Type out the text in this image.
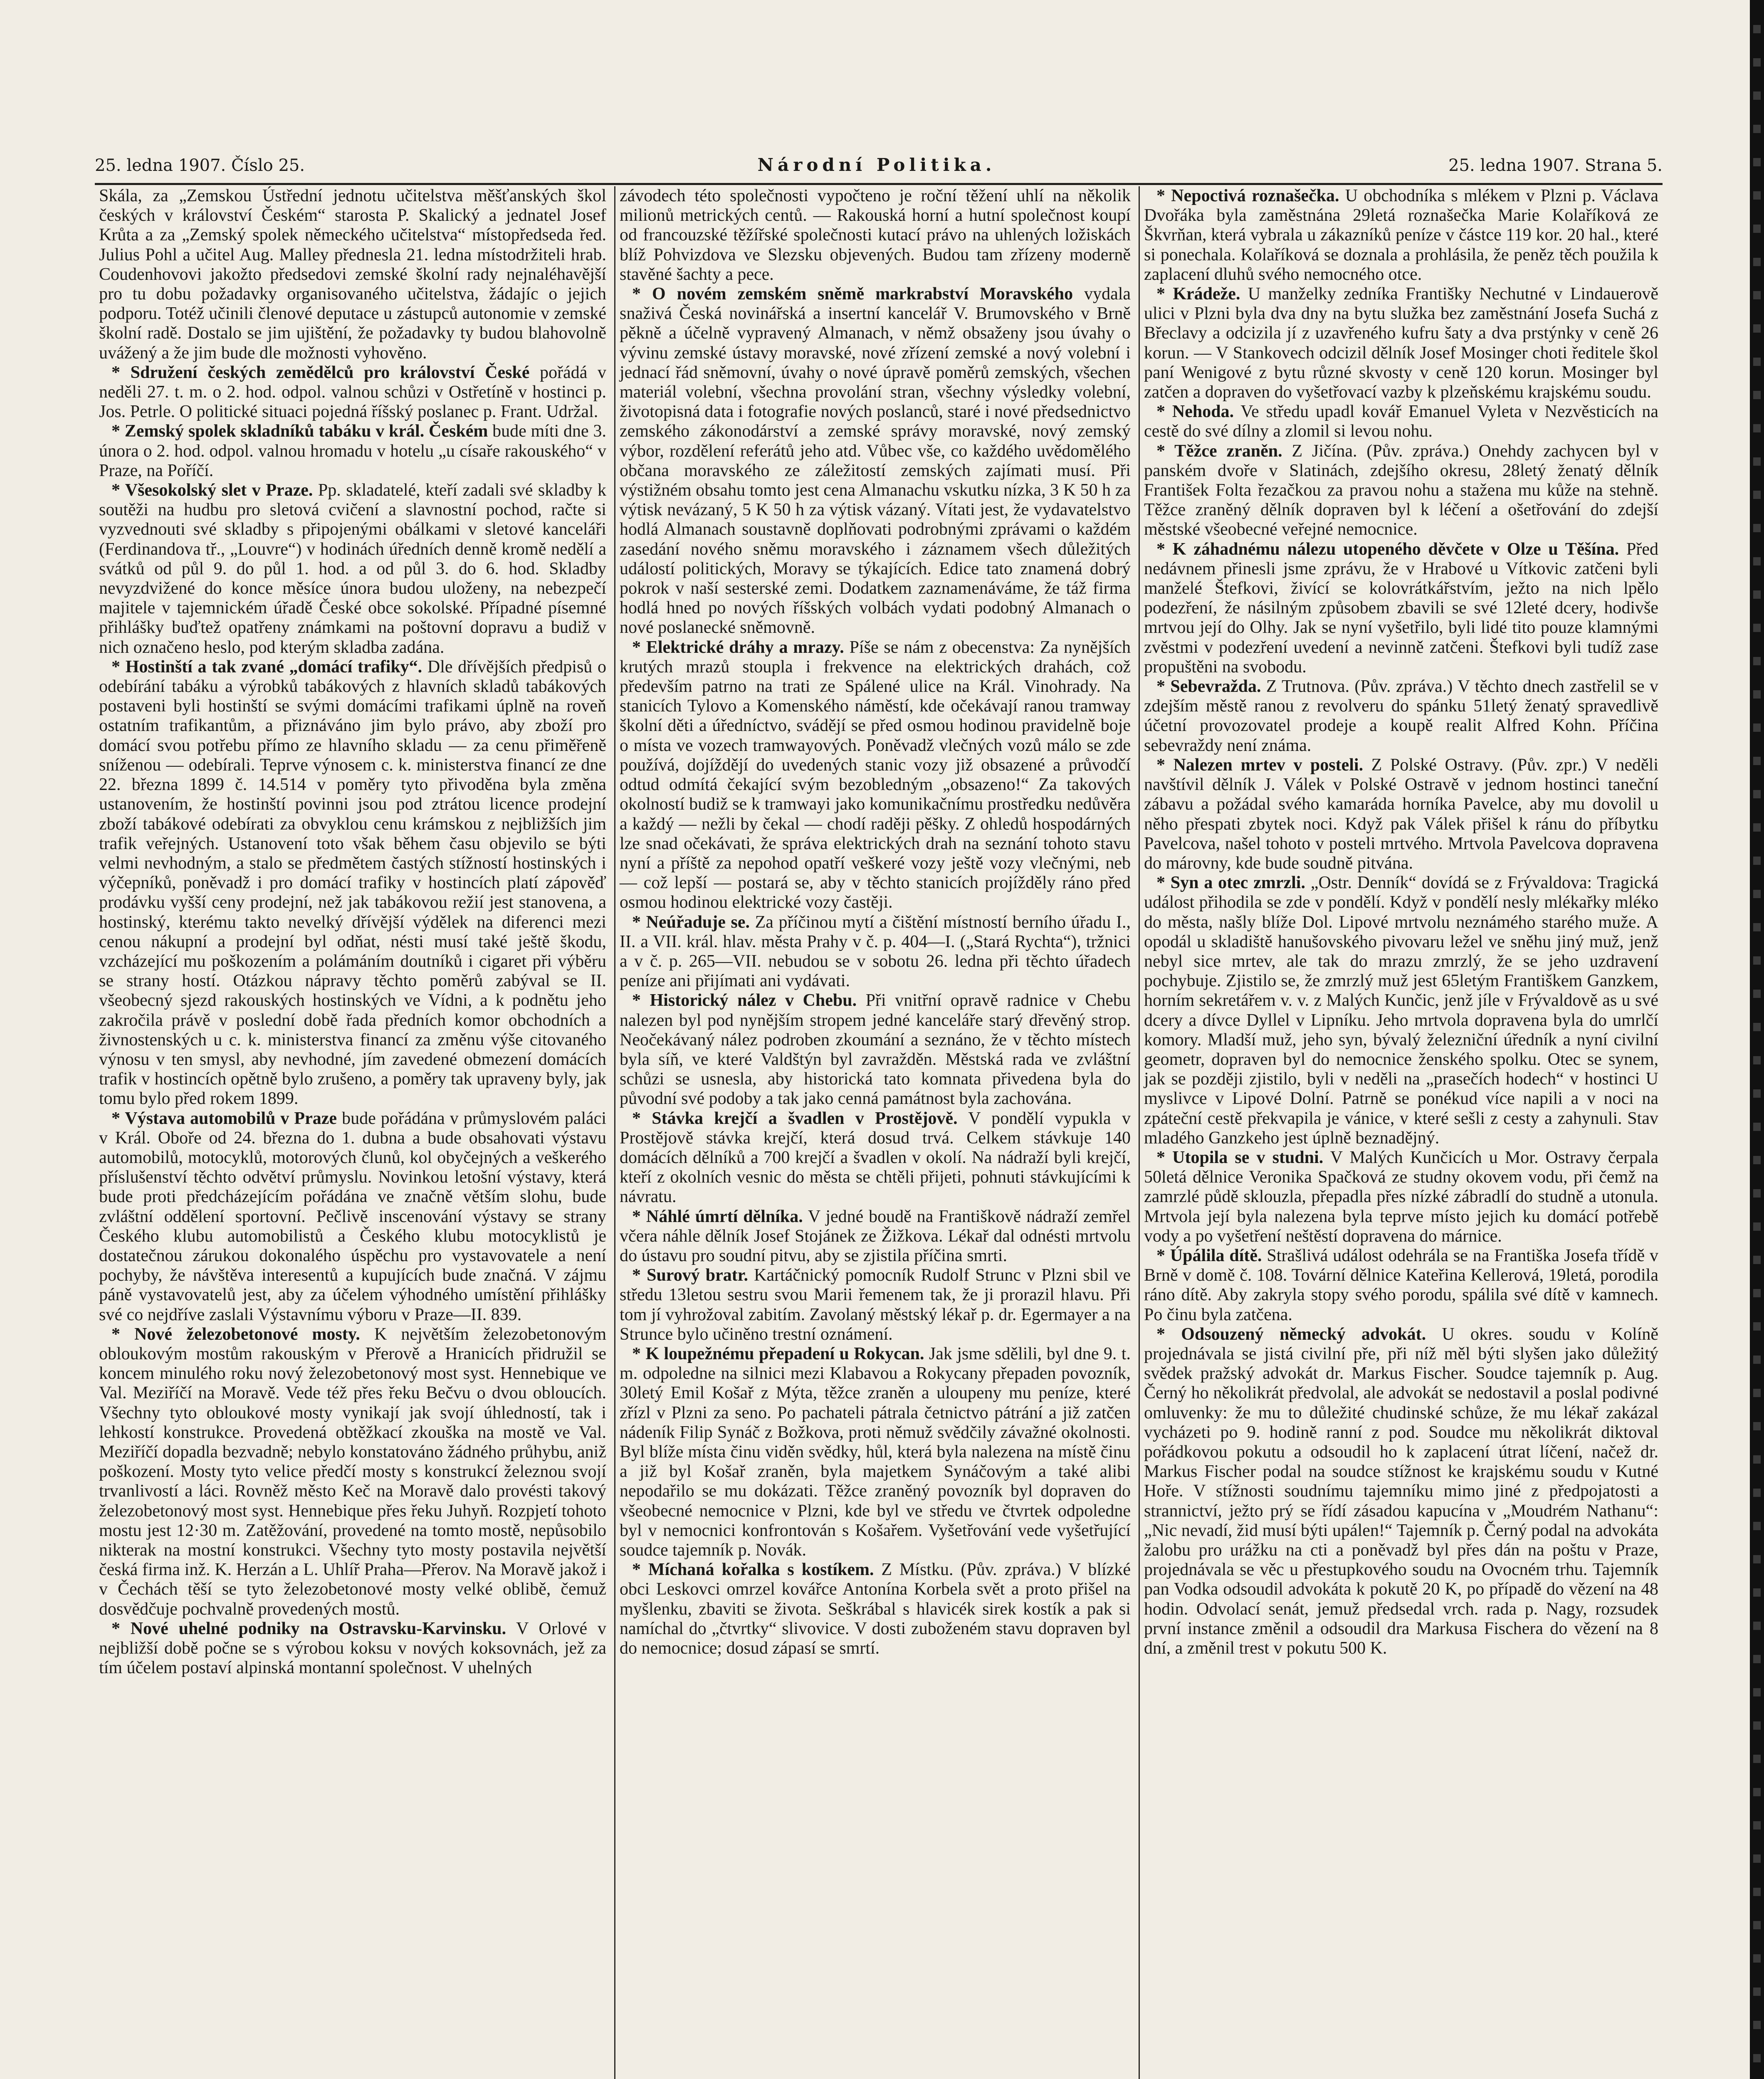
25. ledna 1907. Číslo 25.	Národní Politika.	25. ledna 1907. Strana 5.

Skála, za „Zemskou Ústřední jednotu učitelstva měšťanských škol českých v království Českém“ starosta P. Skalický a jednatel Josef Krůta a za „Zemský spolek německého učitelstva“ místopředseda řed. Julius Pohl a učitel Aug. Malley přednesla 21. ledna místodržiteli hrab. Coudenhovovi jakožto předsedovi zemské školní rady nejnaléhavější pro tu dobu požadavky organisovaného učitelstva, žádajíc o jejich podporu. Totéž učinili členové deputace u zástupců autonomie v zemské školní radě. Dostalo se jim ujištění, že požadavky ty budou blahovolně uvážený a že jim bude dle možnosti vyhověno.

* Sdružení českých zemědělců pro království České pořádá v neděli 27. t. m. o 2. hod. odpol. valnou schůzi v Ostřetíně v hostinci p. Jos. Petrle. O politické situaci pojedná říšský poslanec p. Frant. Udržal.

* Zemský spolek skladníků tabáku v král. Českém bude míti dne 3. února o 2. hod. odpol. valnou hromadu v hotelu „u císaře rakouského“ v Praze, na Poříčí.

* Všesokolský slet v Praze. Pp. skladatelé, kteří zadali své skladby k soutěži na hudbu pro sletová cvičení a slavnostní pochod, račte si vyzvednouti své skladby s připojenými obálkami v sletové kanceláři (Ferdinandova tř., „Louvre“) v hodinách úředních denně kromě nedělí a svátků od půl 9. do půl 1. hod. a od půl 3. do 6. hod. Skladby nevyzdvižené do konce měsíce února budou uloženy, na nebezpečí majitele v tajemnickém úřadě České obce sokolské. Případné písemné přihlášky buďtež opatřeny známkami na poštovní dopravu a budiž v nich označeno heslo, pod kterým skladba zadána.

* Hostinští a tak zvané „domácí trafiky“. Dle dřívějších předpisů o odebírání tabáku a výrobků tabákových z hlavních skladů tabákových postaveni byli hostinští se svými domácími trafikami úplně na roveň ostatním trafikantům, a přiznáváno jim bylo právo, aby zboží pro domácí svou potřebu přímo ze hlavního skladu — za cenu přiměřeně sníženou — odebírali. Teprve výnosem c. k. ministerstva financí ze dne 22. března 1899 č. 14.514 v poměry tyto přivoděna byla změna ustanovením, že hostinští povinni jsou pod ztrátou licence prodejní zboží tabákové odebírati za obvyklou cenu krámskou z nejbližších jim trafik veřejných. Ustanovení toto však během času objevilo se býti velmi nevhodným, a stalo se předmětem častých stížností hostinských i výčepníků, poněvadž i pro domácí trafiky v hostincích platí zápověď prodávku vyšší ceny prodejní, než jak tabákovou režií jest stanovena, a hostinský, kterému takto nevelký dřívější výdělek na diferenci mezi cenou nákupní a prodejní byl odňat, nésti musí také ještě škodu, vzcházející mu poškozením a polámáním doutníků i cigaret při výběru se strany hostí. Otázkou nápravy těchto poměrů zabýval se II. všeobecný sjezd rakouských hostinských ve Vídni, a k podnětu jeho zakročila právě v poslední době řada předních komor obchodních a živnostenských u c. k. ministerstva financí za změnu výše citovaného výnosu v ten smysl, aby nevhodné, jím zavedené obmezení domácích trafik v hostincích opětně bylo zrušeno, a poměry tak upraveny byly, jak tomu bylo před rokem 1899.

* Výstava automobilů v Praze bude pořádána v průmyslovém paláci v Král. Oboře od 24. března do 1. dubna a bude obsahovati výstavu automobilů, motocyklů, motorových člunů, kol obyčejných a veškerého příslušenství těchto odvětví průmyslu. Novinkou letošní výstavy, která bude proti předcházejícím pořádána ve značně větším slohu, bude zvláštní oddělení sportovní. Pečlivě inscenování výstavy se strany Českého klubu automobilistů a Českého klubu motocyklistů je dostatečnou zárukou dokonalého úspěchu pro vystavovatele a není pochyby, že návštěva interesentů a kupujících bude značná. V zájmu páně vystavovatelů jest, aby za účelem výhodného umístění přihlášky své co nejdříve zaslali Výstavnímu výboru v Praze—II. 839.

* Nové železobetonové mosty. K největším železobetonovým obloukovým mostům rakouským v Přerově a Hranicích přidružil se koncem minulého roku nový železobetonový most syst. Hennebique ve Val. Meziříčí na Moravě. Vede též přes řeku Bečvu o dvou obloucích. Všechny tyto obloukové mosty vynikají jak svojí úhledností, tak i lehkostí konstrukce. Provedená obtěžkací zkouška na mostě ve Val. Meziříčí dopadla bezvadně; nebylo konstatováno žádného průhybu, aniž poškození. Mosty tyto velice předčí mosty s konstrukcí železnou svojí trvanlivostí a láci. Rovněž město Keč na Moravě dalo provésti takový železobetonový most syst. Hennebique přes řeku Juhyň. Rozpjetí tohoto mostu jest 12·30 m. Zatěžování, provedené na tomto mostě, nepůsobilo nikterak na mostní konstrukci. Všechny tyto mosty postavila největší česká firma inž. K. Herzán a L. Uhlíř Praha—Přerov. Na Moravě jakož i v Čechách těší se tyto železobetonové mosty velké oblibě, čemuž dosvědčuje pochvalně provedených mostů.

* Nové uhelné podniky na Ostravsku-Karvinsku. V Orlové v nejbližší době počne se s výrobou koksu v nových koksovnách, jež za tím účelem postaví alpinská montanní společnost. V uhelných

závodech této společnosti vypočteno je roční těžení uhlí na několik milionů metrických centů. — Rakouská horní a hutní společnost koupí od francouzské těžířské společnosti kutací právo na uhlených ložiskách blíž Pohvizdova ve Slezsku objevených. Budou tam zřízeny moderně stavěné šachty a pece.

* O novém zemském sněmě markrabství Moravského vydala snaživá Česká novinářská a insertní kancelář V. Brumovského v Brně pěkně a účelně vypravený Almanach, v němž obsaženy jsou úvahy o vývinu zemské ústavy moravské, nové zřízení zemské a nový volební i jednací řád sněmovní, úvahy o nové úpravě poměrů zemských, všechen materiál volební, všechna provolání stran, všechny výsledky volební, životopisná data i fotografie nových poslanců, staré i nové předsednictvo zemského zákonodárství a zemské správy moravské, nový zemský výbor, rozdělení referátů jeho atd. Vůbec vše, co každého uvědomělého občana moravského ze záležitostí zemských zajímati musí. Při výstižném obsahu tomto jest cena Almanachu vskutku nízka, 3 K 50 h za výtisk nevázaný, 5 K 50 h za výtisk vázaný. Vítati jest, že vydavatelstvo hodlá Almanach soustavně doplňovati podrobnými zprávami o každém zasedání nového sněmu moravského i záznamem všech důležitých událostí politických, Moravy se týkajících. Edice tato znamená dobrý pokrok v naší sesterské zemi. Dodatkem zaznamenáváme, že táž firma hodlá hned po nových říšských volbách vydati podobný Almanach o nové poslanecké sněmovně.

* Elektrické dráhy a mrazy. Píše se nám z obecenstva: Za nynějších krutých mrazů stoupla i frekvence na elektrických drahách, což především patrno na trati ze Spálené ulice na Král. Vinohrady. Na stanicích Tylovo a Komenského náměstí, kde očekávají ranou tramway školní děti a úředníctvo, svádějí se před osmou hodinou pravidelně boje o místa ve vozech tramwayových. Poněvadž vlečných vozů málo se zde používá, dojíždějí do uvedených stanic vozy již obsazené a průvodčí odtud odmítá čekající svým bezobledným „obsazeno!“ Za takových okolností budiž se k tramwayi jako komunikačnímu prostředku nedůvěra a každý — nežli by čekal — chodí raději pěšky. Z ohledů hospodárných lze snad očekávati, že správa elektrických drah na seznání tohoto stavu nyní a příště za nepohod opatří veškeré vozy ještě vozy vlečnými, neb — což lepší — postará se, aby v těchto stanicích projížděly ráno před osmou hodinou elektrické vozy častěji.

* Neúřaduje se. Za příčinou mytí a čištění místností berního úřadu I., II. a VII. král. hlav. města Prahy v č. p. 404—I. („Stará Rychta“), tržnici a v č. p. 265—VII. nebudou se v sobotu 26. ledna při těchto úřadech peníze ani přijímati ani vydávati.

* Historický nález v Chebu. Při vnitřní opravě radnice v Chebu nalezen byl pod nynějším stropem jedné kanceláře starý dřevěný strop. Neočekávaný nález podroben zkoumání a seznáno, že v těchto místech byla síň, ve které Valdštýn byl zavražděn. Městská rada ve zvláštní schůzi se usnesla, aby historická tato komnata přivedena byla do původní své podoby a tak jako cenná památnost byla zachována.

* Stávka krejčí a švadlen v Prostějově. V pondělí vypukla v Prostějově stávka krejčí, která dosud trvá. Celkem stávkuje 140 domácích dělníků a 700 krejčí a švadlen v okolí. Na nádraží byli krejčí, kteří z okolních vesnic do města se chtěli přijeti, pohnuti stávkujícími k návratu.

* Náhlé úmrtí dělníka. V jedné boudě na Františkově nádraží zemřel včera náhle dělník Josef Stojánek ze Žižkova. Lékař dal odnésti mrtvolu do ústavu pro soudní pitvu, aby se zjistila příčina smrti.

* Surový bratr. Kartáčnický pomocník Rudolf Strunc v Plzni sbil ve středu 13letou sestru svou Marii řemenem tak, že ji prorazil hlavu. Při tom jí vyhrožoval zabitím. Zavolaný městský lékař p. dr. Egermayer a na Strunce bylo učiněno trestní oznámení.

* K loupežnému přepadení u Rokycan. Jak jsme sdělili, byl dne 9. t. m. odpoledne na silnici mezi Klabavou a Rokycany přepaden povozník, 30letý Emil Košař z Mýta, těžce zraněn a uloupeny mu peníze, které zřízl v Plzni za seno. Po pachateli pátrala četnictvo pátrání a již zatčen nádeník Filip Synáč z Božkova, proti němuž svědčily závažné okolnosti. Byl blíže místa činu viděn svědky, hůl, která byla nalezena na místě činu a již byl Košař zraněn, byla majetkem Synáčovým a také alibi nepodařilo se mu dokázati. Těžce zraněný povozník byl dopraven do všeobecné nemocnice v Plzni, kde byl ve středu ve čtvrtek odpoledne byl v nemocnici konfrontován s Košařem. Vyšetřování vede vyšetřující soudce tajemník p. Novák.

* Míchaná kořalka s kostíkem. Z Místku. (Pův. zpráva.) V blízké obci Leskovci omrzel kovářce Antonína Korbela svět a proto přišel na myšlenku, zbaviti se života. Seškrábal s hlavicék sirek kostík a pak si namíchal do „čtvrtky“ slivovice. V dosti zuboženém stavu dopraven byl do nemocnice; dosud zápasí se smrtí.

* Nepoctivá roznašečka. U obchodníka s mlékem v Plzni p. Václava Dvořáka byla zaměstnána 29letá roznašečka Marie Kolaříková ze Škvrňan, která vybrala u zákazníků peníze v částce 119 kor. 20 hal., které si ponechala. Kolaříková se doznala a prohlásila, že peněz těch použila k zaplacení dluhů svého nemocného otce.

* Krádeže. U manželky zedníka Františky Nechutné v Lindauerově ulici v Plzni byla dva dny na bytu služka bez zaměstnání Josefa Suchá z Břeclavy a odcizila jí z uzavřeného kufru šaty a dva prstýnky v ceně 26 korun. — V Stankovech odcizil dělník Josef Mosinger choti ředitele škol paní Wenigové z bytu různé skvosty v ceně 120 korun. Mosinger byl zatčen a dopraven do vyšetřovací vazby k plzeňskému krajskému soudu.

* Nehoda. Ve středu upadl kovář Emanuel Vyleta v Nezvěsticích na cestě do své dílny a zlomil si levou nohu.

* Těžce zraněn. Z Jičína. (Pův. zpráva.) Onehdy zachycen byl v panském dvoře v Slatinách, zdejšího okresu, 28letý ženatý dělník František Folta řezačkou za pravou nohu a stažena mu kůže na stehně. Těžce zraněný dělník dopraven byl k léčení a ošetřování do zdejší městské všeobecné veřejné nemocnice.

* K záhadnému nálezu utopeného děvčete v Olze u Těšína. Před nedávnem přinesli jsme zprávu, že v Hrabové u Vítkovic zatčeni byli manželé Štefkovi, živící se kolovrátkářstvím, ježto na nich lpělo podezření, že násilným způsobem zbavili se své 12leté dcery, hodivše mrtvou její do Olhy. Jak se nyní vyšetřilo, byli lidé tito pouze klamnými zvěstmi v podezření uvedení a nevinně zatčeni. Štefkovi byli tudíž zase propuštěni na svobodu.

* Sebevražda. Z Trutnova. (Pův. zpráva.) V těchto dnech zastřelil se v zdejším městě ranou z revolveru do spánku 51letý ženatý spravedlivě účetní provozovatel prodeje a koupě realit Alfred Kohn. Příčina sebevraždy není známa.

* Nalezen mrtev v posteli. Z Polské Ostravy. (Pův. zpr.) V neděli navštívil dělník J. Válek v Polské Ostravě v jednom hostinci taneční zábavu a požádal svého kamaráda horníka Pavelce, aby mu dovolil u něho přespati zbytek noci. Když pak Válek přišel k ránu do příbytku Pavelcova, našel tohoto v posteli mrtvého. Mrtvola Pavelcova dopravena do márovny, kde bude soudně pitvána.

* Syn a otec zmrzli. „Ostr. Denník“ dovídá se z Frývaldova: Tragická událost přihodila se zde v pondělí. Když v pondělí nesly mlékařky mléko do města, našly blíže Dol. Lipové mrtvolu neznámého starého muže. A opodál u skladiště hanušovského pivovaru ležel ve sněhu jiný muž, jenž nebyl sice mrtev, ale tak do mrazu zmrzlý, že se jeho uzdravení pochybuje. Zjistilo se, že zmrzlý muž jest 65letým Františkem Ganzkem, horním sekretářem v. v. z Malých Kunčic, jenž jíle v Frývaldově as u své dcery a dívce Dyllel v Lipníku. Jeho mrtvola dopravena byla do umrlčí komory. Mladší muž, jeho syn, bývalý železniční úředník a nyní civilní geometr, dopraven byl do nemocnice ženského spolku. Otec se synem, jak se později zjistilo, byli v neděli na „prasečích hodech“ v hostinci U myslivce v Lipové Dolní. Patrně se ponékud více napili a v noci na zpáteční cestě překvapila je vánice, v které sešli z cesty a zahynuli. Stav mladého Ganzkeho jest úplně beznadějný.

* Utopila se v studni. V Malých Kunčicích u Mor. Ostravy čerpala 50letá dělnice Veronika Spačková ze studny okovem vodu, při čemž na zamrzlé půdě sklouzla, přepadla přes nízké zábradlí do studně a utonula. Mrtvola její byla nalezena byla teprve místo jejich ku domácí potřebě vody a po vyšetření neštěstí dopravena do márnice.

* Úpálila dítě. Strašlivá událost odehrála se na Františka Josefa třídě v Brně v domě č. 108. Tovární dělnice Kateřina Kellerová, 19letá, porodila ráno dítě. Aby zakryla stopy svého porodu, spálila své dítě v kamnech. Po činu byla zatčena.

* Odsouzený německý advokát. U okres. soudu v Kolíně projednávala se jistá civilní pře, při níž měl býti slyšen jako důležitý svědek pražský advokát dr. Markus Fischer. Soudce tajemník p. Aug. Černý ho několikrát předvolal, ale advokát se nedostavil a poslal podivné omluvenky: že mu to důležité chudinské schůze, že mu lékař zakázal vycházeti po 9. hodině ranní z pod. Soudce mu několikrát diktoval pořádkovou pokutu a odsoudil ho k zaplacení útrat líčení, načež dr. Markus Fischer podal na soudce stížnost ke krajskému soudu v Kutné Hoře. V stížnosti soudnímu tajemníku mimo jiné z předpojatosti a strannictví, ježto prý se řídí zásadou kapucína v „Moudrém Nathanu“: „Nic nevadí, žid musí býti upálen!“ Tajemník p. Černý podal na advokáta žalobu pro urážku na cti a poněvadž byl přes dán na poštu v Praze, projednávala se věc u přestupkového soudu na Ovocném trhu. Tajemník pan Vodka odsoudil advokáta k pokutě 20 K, po případě do vězení na 48 hodin. Odvolací senát, jemuž předsedal vrch. rada p. Nagy, rozsudek první instance změnil a odsoudil dra Markusa Fischera do vězení na 8 dní, a změnil trest v pokutu 500 K.
